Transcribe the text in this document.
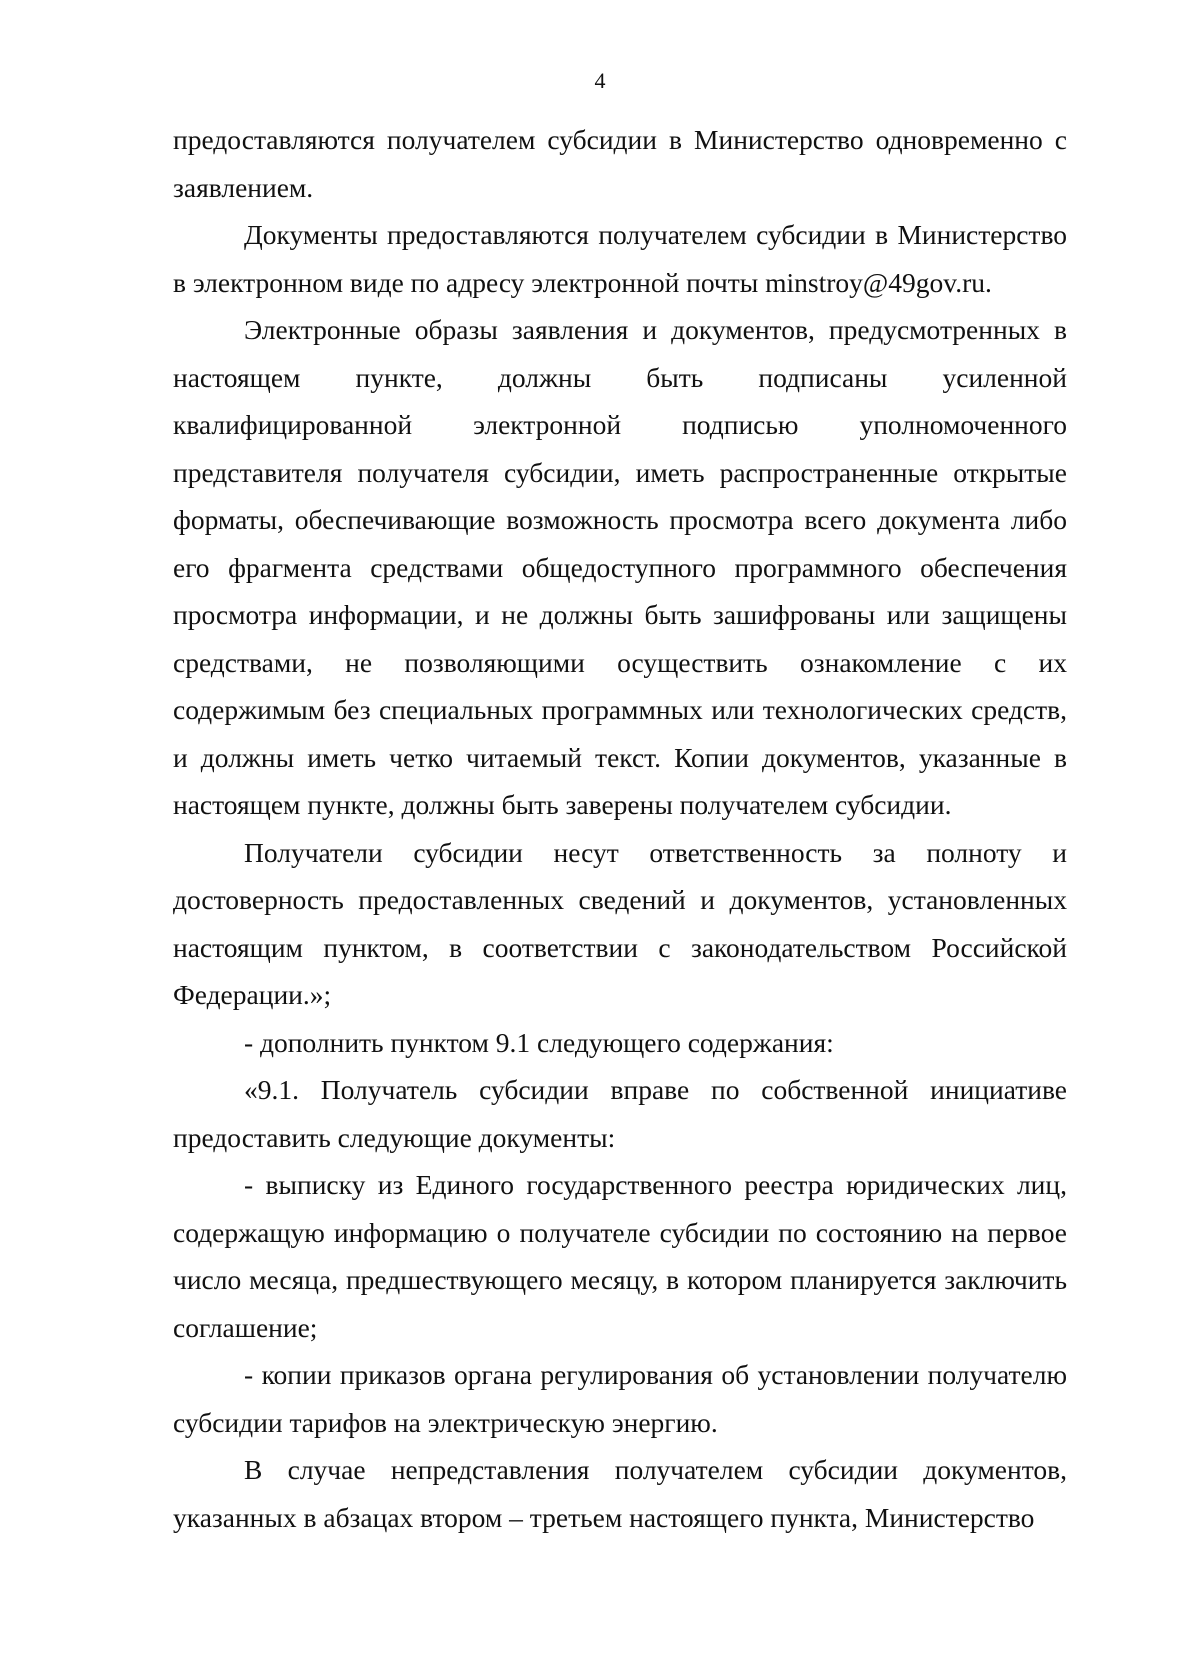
4

предоставляются получателем субсидии в Министерство одновременно с заявлением.

Документы предоставляются получателем субсидии в Министерство в электронном виде по адресу электронной почты minstroy@49gov.ru.

Электронные образы заявления и документов, предусмотренных в настоящем пункте, должны быть подписаны усиленной квалифицированной электронной подписью уполномоченного представителя получателя субсидии, иметь распространенные открытые форматы, обеспечивающие возможность просмотра всего документа либо его фрагмента средствами общедоступного программного обеспечения просмотра информации, и не должны быть зашифрованы или защищены средствами, не позволяющими осуществить ознакомление с их содержимым без специальных программных или технологических средств, и должны иметь четко читаемый текст. Копии документов, указанные в настоящем пункте, должны быть заверены получателем субсидии.

Получатели субсидии несут ответственность за полноту и достоверность предоставленных сведений и документов, установленных настоящим пунктом, в соответствии с законодательством Российской Федерации.»;

- дополнить пунктом 9.1 следующего содержания:

«9.1. Получатель субсидии вправе по собственной инициативе предоставить следующие документы:

- выписку из Единого государственного реестра юридических лиц, содержащую информацию о получателе субсидии по состоянию на первое число месяца, предшествующего месяцу, в котором планируется заключить соглашение;

- копии приказов органа регулирования об установлении получателю субсидии тарифов на электрическую энергию.

В случае непредставления получателем субсидии документов, указанных в абзацах втором – третьем настоящего пункта, Министерство
